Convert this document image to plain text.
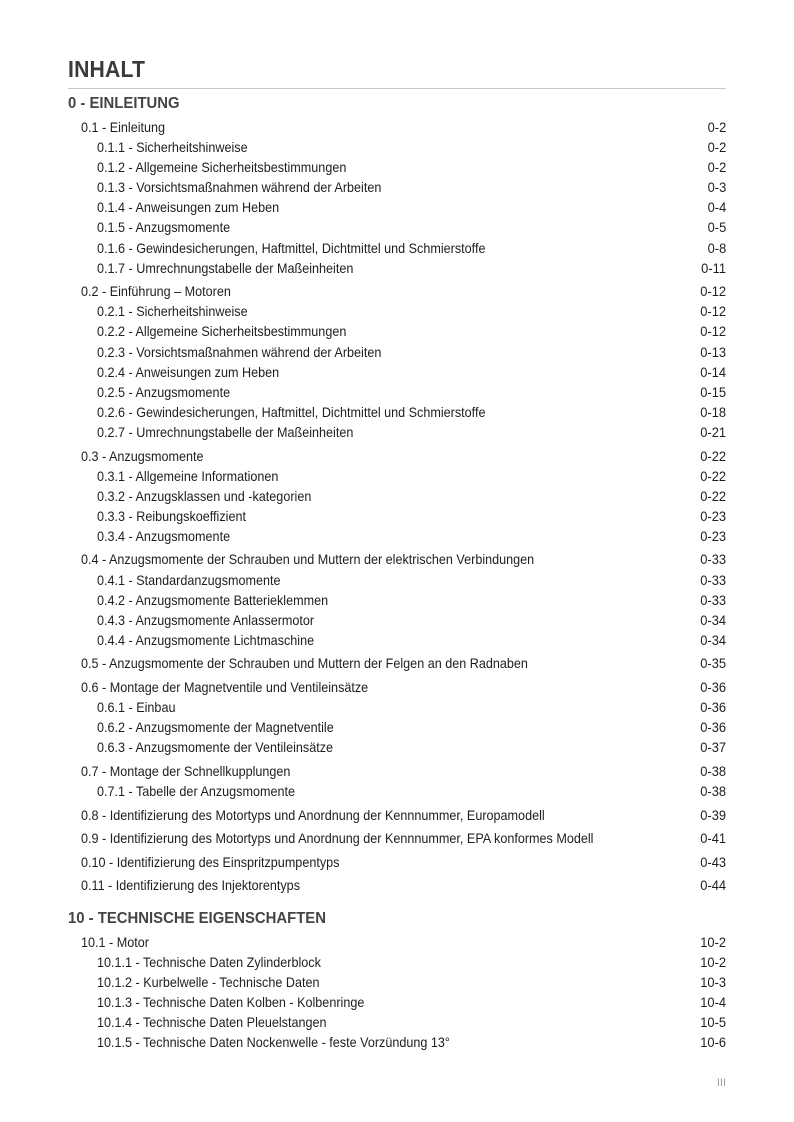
INHALT
0 - EINLEITUNG
0.1 - Einleitung	0-2
0.1.1 - Sicherheitshinweise	0-2
0.1.2 - Allgemeine Sicherheitsbestimmungen	0-2
0.1.3 - Vorsichtsmaßnahmen während der Arbeiten	0-3
0.1.4 - Anweisungen zum Heben	0-4
0.1.5 - Anzugsmomente	0-5
0.1.6 - Gewindesicherungen, Haftmittel, Dichtmittel und Schmierstoffe	0-8
0.1.7 - Umrechnungstabelle der Maßeinheiten	0-11
0.2 - Einführung – Motoren	0-12
0.2.1 - Sicherheitshinweise	0-12
0.2.2 - Allgemeine Sicherheitsbestimmungen	0-12
0.2.3 - Vorsichtsmaßnahmen während der Arbeiten	0-13
0.2.4 - Anweisungen zum Heben	0-14
0.2.5 - Anzugsmomente	0-15
0.2.6 - Gewindesicherungen, Haftmittel, Dichtmittel und Schmierstoffe	0-18
0.2.7 - Umrechnungstabelle der Maßeinheiten	0-21
0.3 - Anzugsmomente	0-22
0.3.1 - Allgemeine Informationen	0-22
0.3.2 - Anzugsklassen und -kategorien	0-22
0.3.3 - Reibungskoeffizient	0-23
0.3.4 - Anzugsmomente	0-23
0.4 - Anzugsmomente der Schrauben und Muttern der elektrischen Verbindungen	0-33
0.4.1 - Standardanzugsmomente	0-33
0.4.2 - Anzugsmomente Batterieklemmen	0-33
0.4.3 - Anzugsmomente Anlassermotor	0-34
0.4.4 - Anzugsmomente Lichtmaschine	0-34
0.5 - Anzugsmomente der Schrauben und Muttern der Felgen an den Radnaben	0-35
0.6 - Montage der Magnetventile und Ventileinsätze	0-36
0.6.1 - Einbau	0-36
0.6.2 - Anzugsmomente der Magnetventile	0-36
0.6.3 - Anzugsmomente der Ventileinsätze	0-37
0.7 - Montage der Schnellkupplungen	0-38
0.7.1 - Tabelle der Anzugsmomente	0-38
0.8 - Identifizierung des Motortyps und Anordnung der Kennnummer, Europamodell	0-39
0.9 - Identifizierung des Motortyps und Anordnung der Kennnummer, EPA konformes Modell	0-41
0.10 - Identifizierung des Einspritzpumpentyps	0-43
0.11 - Identifizierung des Injektorentyps	0-44
10 - TECHNISCHE EIGENSCHAFTEN
10.1 - Motor	10-2
10.1.1 - Technische Daten Zylinderblock	10-2
10.1.2 - Kurbelwelle - Technische Daten	10-3
10.1.3 - Technische Daten Kolben - Kolbenringe	10-4
10.1.4 - Technische Daten Pleuelstangen	10-5
10.1.5 - Technische Daten Nockenwelle - feste Vorzündung 13°	10-6
III
